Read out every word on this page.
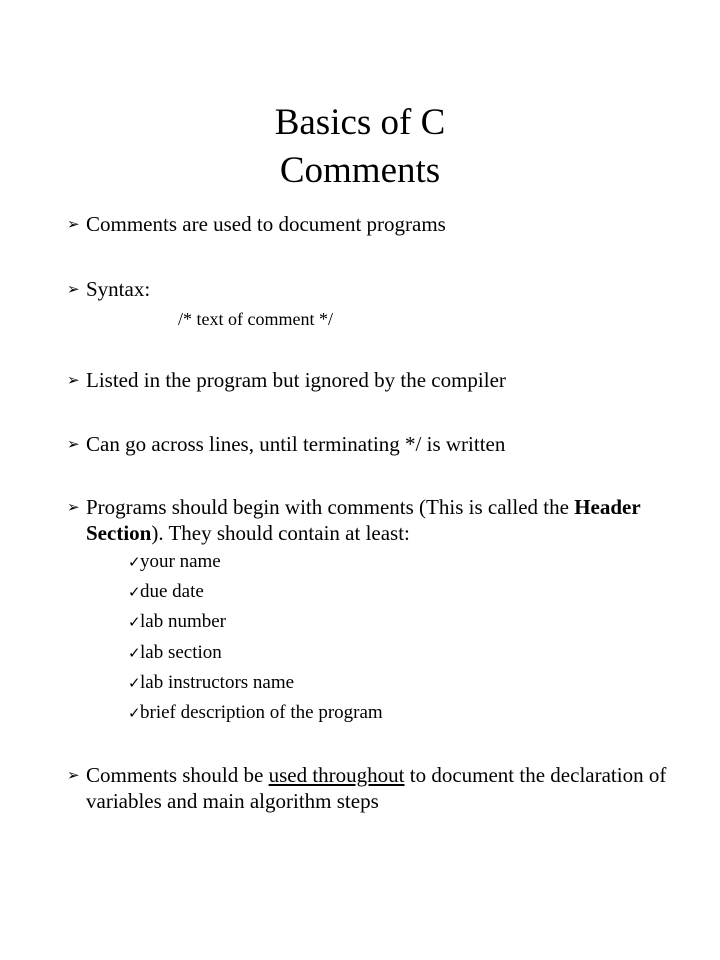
Basics of C
Comments
➢ Comments are used to document programs
➢ Syntax:
/* text of comment */
➢ Listed in the program but ignored by the compiler
➢ Can go across lines, until terminating */ is written
➢ Programs should begin with comments (This is called the Header Section). They should contain at least:
✓your name
✓due date
✓lab number
✓lab section
✓lab instructors name
✓brief description of the program
➢ Comments should be used throughout to document the declaration of variables and main algorithm steps
